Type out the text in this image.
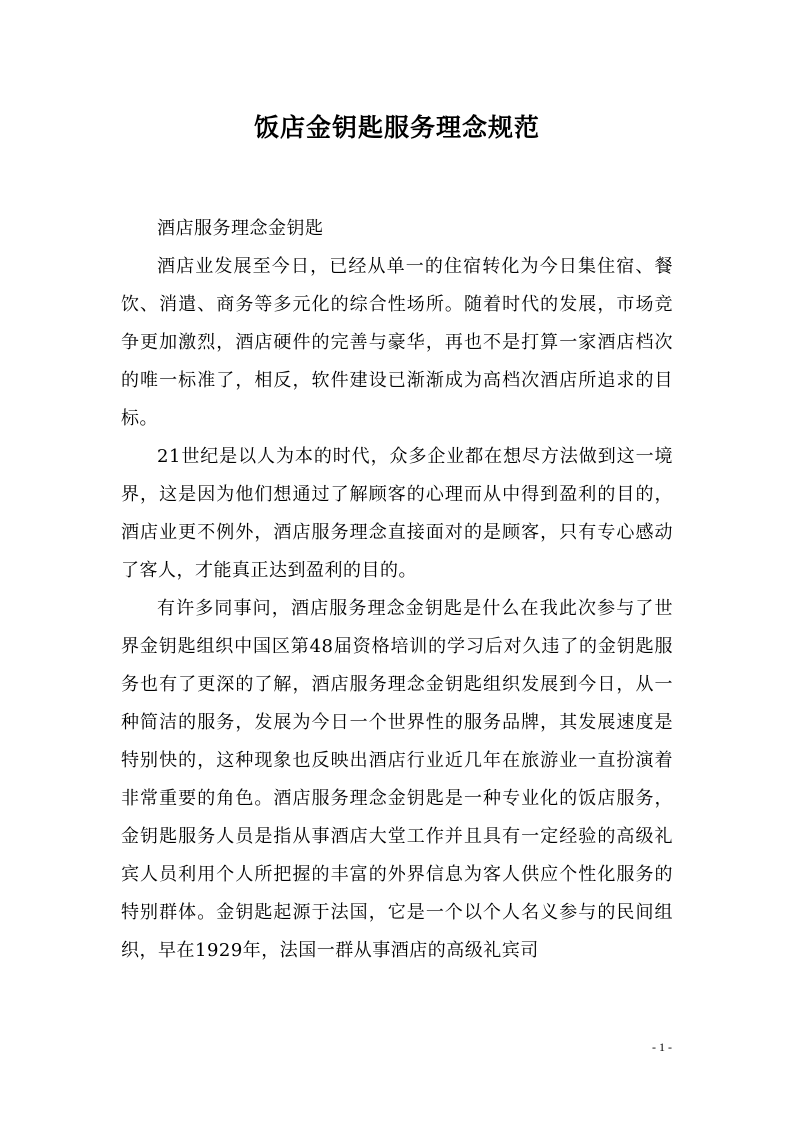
饭店金钥匙服务理念规范

酒店服务理念金钥匙

酒店业发展至今日，已经从单一的住宿转化为今日集住宿、餐饮、消遣、商务等多元化的综合性场所。随着时代的发展，市场竞争更加激烈，酒店硬件的完善与豪华，再也不是打算一家酒店档次的唯一标准了，相反，软件建设已渐渐成为高档次酒店所追求的目标。

21世纪是以人为本的时代，众多企业都在想尽方法做到这一境界，这是因为他们想通过了解顾客的心理而从中得到盈利的目的，酒店业更不例外，酒店服务理念直接面对的是顾客，只有专心感动了客人，才能真正达到盈利的目的。

有许多同事问，酒店服务理念金钥匙是什么在我此次参与了世界金钥匙组织中国区第48届资格培训的学习后对久违了的金钥匙服务也有了更深的了解，酒店服务理念金钥匙组织发展到今日，从一种简洁的服务，发展为今日一个世界性的服务品牌，其发展速度是特别快的，这种现象也反映出酒店行业近几年在旅游业一直扮演着非常重要的角色。酒店服务理念金钥匙是一种专业化的饭店服务，金钥匙服务人员是指从事酒店大堂工作并且具有一定经验的高级礼宾人员利用个人所把握的丰富的外界信息为客人供应个性化服务的特别群体。金钥匙起源于法国，它是一个以个人名义参与的民间组织，早在1929年，法国一群从事酒店的高级礼宾司

- 1 -
